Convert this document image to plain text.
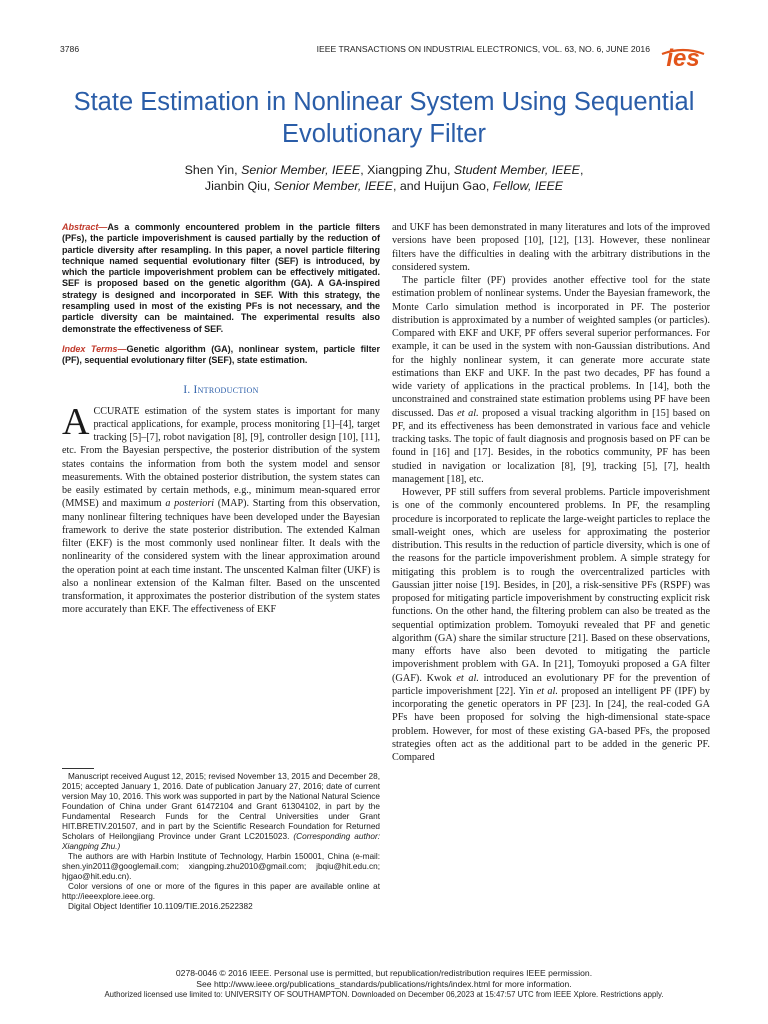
3786	IEEE TRANSACTIONS ON INDUSTRIAL ELECTRONICS, VOL. 63, NO. 6, JUNE 2016 ies
State Estimation in Nonlinear System Using Sequential Evolutionary Filter
Shen Yin, Senior Member, IEEE, Xiangping Zhu, Student Member, IEEE,
Jianbin Qiu, Senior Member, IEEE, and Huijun Gao, Fellow, IEEE

Abstract—As a commonly encountered problem in the particle filters (PFs), the particle impoverishment is caused partially by the reduction of particle diversity after resampling. In this paper, a novel particle filtering technique named sequential evolutionary filter (SEF) is introduced, by which the particle impoverishment problem can be effectively mitigated. SEF is proposed based on the genetic algorithm (GA). A GA-inspired strategy is designed and incorporated in SEF. With this strategy, the resampling used in most of the existing PFs is not necessary, and the particle diversity can be maintained. The experimental results also demonstrate the effectiveness of SEF.

Index Terms—Genetic algorithm (GA), nonlinear system, particle filter (PF), sequential evolutionary filter (SEF), state estimation.

I. Introduction

ACCURATE estimation of the system states is important for many practical applications, for example, process monitoring [1]–[4], target tracking [5]–[7], robot navigation [8], [9], controller design [10], [11], etc. From the Bayesian perspective, the posterior distribution of the system states contains the information from both the system model and sensor measurements. With the obtained posterior distribution, the system states can be easily estimated by certain methods, e.g., minimum mean-squared error (MMSE) and maximum a posteriori (MAP). Starting from this observation, many nonlinear filtering techniques have been developed under the Bayesian framework to derive the state posterior distribution. The extended Kalman filter (EKF) is the most commonly used nonlinear filter. It deals with the nonlinearity of the considered system with the linear approximation around the operation point at each time instant. The unscented Kalman filter (UKF) is also a nonlinear extension of the Kalman filter. Based on the unscented transformation, it approximates the posterior distribution of the system states more accurately than EKF. The effectiveness of EKF

Manuscript received August 12, 2015; revised November 13, 2015 and December 28, 2015; accepted January 1, 2016. Date of publication January 27, 2016; date of current version May 10, 2016. This work was supported in part by the National Natural Science Foundation of China under Grant 61472104 and Grant 61304102, in part by the Fundamental Research Funds for the Central Universities under Grant HIT.BRETIV.201507, and in part by the Scientific Research Foundation for Returned Scholars of Heilongjiang Province under Grant LC2015023. (Corresponding author: Xiangping Zhu.)

The authors are with Harbin Institute of Technology, Harbin 150001, China (e-mail: shen.yin2011@googlemail.com; xiangping.zhu2010@gmail.com; jbqiu@hit.edu.cn; hjgao@hit.edu.cn).

Color versions of one or more of the figures in this paper are available online at http://ieeexplore.ieee.org.

Digital Object Identifier 10.1109/TIE.2016.2522382

and UKF has been demonstrated in many literatures and lots of the improved versions have been proposed [10], [12], [13]. However, these nonlinear filters have the difficulties in dealing with the arbitrary distributions in the considered system.

The particle filter (PF) provides another effective tool for the state estimation problem of nonlinear systems. Under the Bayesian framework, the Monte Carlo simulation method is incorporated in PF. The posterior distribution is approximated by a number of weighted samples (or particles). Compared with EKF and UKF, PF offers several superior performances. For example, it can be used in the system with non-Gaussian distributions. And for the highly nonlinear system, it can generate more accurate state estimations than EKF and UKF. In the past two decades, PF has found a wide variety of applications in the practical problems. In [14], both the unconstrained and constrained state estimation problems using PF have been discussed. Das et al. proposed a visual tracking algorithm in [15] based on PF, and its effectiveness has been demonstrated in various face and vehicle tracking tasks. The topic of fault diagnosis and prognosis based on PF can be found in [16] and [17]. Besides, in the robotics community, PF has been studied in navigation or localization [8], [9], tracking [5], [7], health management [18], etc.

However, PF still suffers from several problems. Particle impoverishment is one of the commonly encountered problems. In PF, the resampling procedure is incorporated to replicate the large-weight particles to replace the small-weight ones, which are useless for approximating the posterior distribution. This results in the reduction of particle diversity, which is one of the reasons for the particle impoverishment problem. A simple strategy for mitigating this problem is to rough the overcentralized particles with Gaussian jitter noise [19]. Besides, in [20], a risk-sensitive PFs (RSPF) was proposed for mitigating particle impoverishment by constructing explicit risk functions. On the other hand, the filtering problem can also be treated as the sequential optimization problem. Tomoyuki revealed that PF and genetic algorithm (GA) share the similar structure [21]. Based on these observations, many efforts have also been devoted to mitigating the particle impoverishment problem with GA. In [21], Tomoyuki proposed a GA filter (GAF). Kwok et al. introduced an evolutionary PF for the prevention of particle impoverishment [22]. Yin et al. proposed an intelligent PF (IPF) by incorporating the genetic operators in PF [23]. In [24], the real-coded GA PFs have been proposed for solving the high-dimensional state-space problem. However, for most of these existing GA-based PFs, the proposed strategies often act as the additional part to be added in the generic PF. Compared

0278-0046 © 2016 IEEE. Personal use is permitted, but republication/redistribution requires IEEE permission.
See http://www.ieee.org/publications_standards/publications/rights/index.html for more information.
Authorized licensed use limited to: UNIVERSITY OF SOUTHAMPTON. Downloaded on December 06,2023 at 15:47:57 UTC from IEEE Xplore. Restrictions apply.
